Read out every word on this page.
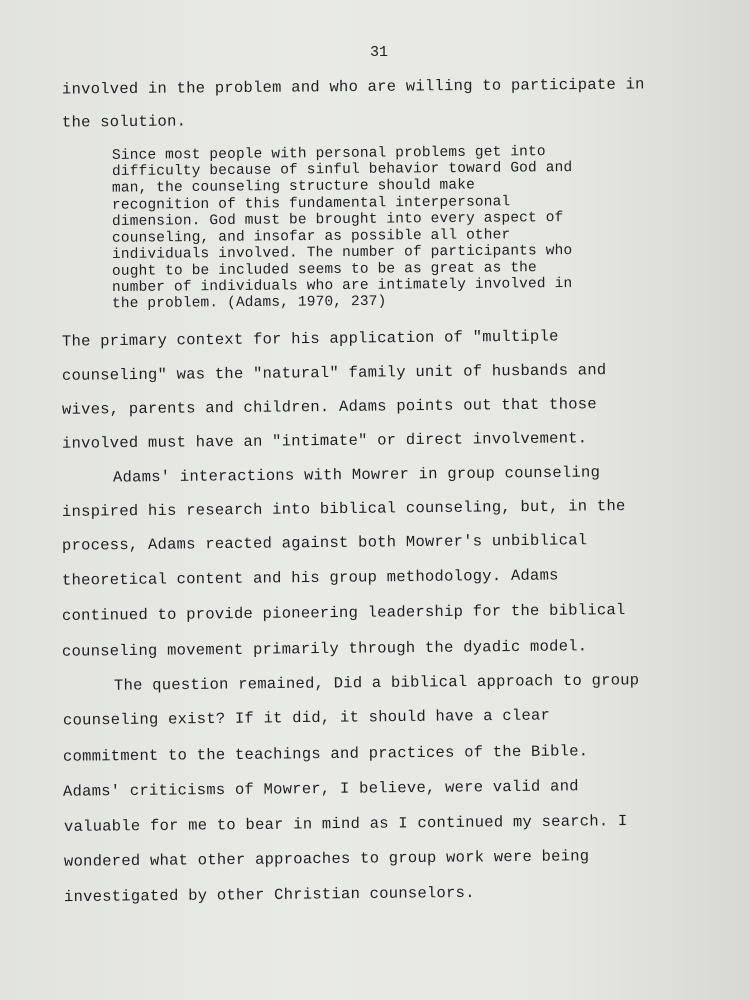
31
involved in the problem and who are willing to participate in
the solution.
Since most people with personal problems get into
difficulty because of sinful behavior toward God and
man, the counseling structure should make
recognition of this fundamental interpersonal
dimension. God must be brought into every aspect of
counseling, and insofar as possible all other
individuals involved. The number of participants who
ought to be included seems to be as great as the
number of individuals who are intimately involved in
the problem. (Adams, 1970, 237)
The primary context for his application of "multiple
counseling" was the "natural" family unit of husbands and
wives, parents and children. Adams points out that those
involved must have an "intimate" or direct involvement.
Adams' interactions with Mowrer in group counseling
inspired his research into biblical counseling, but, in the
process, Adams reacted against both Mowrer's unbiblical
theoretical content and his group methodology. Adams
continued to provide pioneering leadership for the biblical
counseling movement primarily through the dyadic model.
The question remained, Did a biblical approach to group
counseling exist? If it did, it should have a clear
commitment to the teachings and practices of the Bible.
Adams' criticisms of Mowrer, I believe, were valid and
valuable for me to bear in mind as I continued my search. I
wondered what other approaches to group work were being
investigated by other Christian counselors.
